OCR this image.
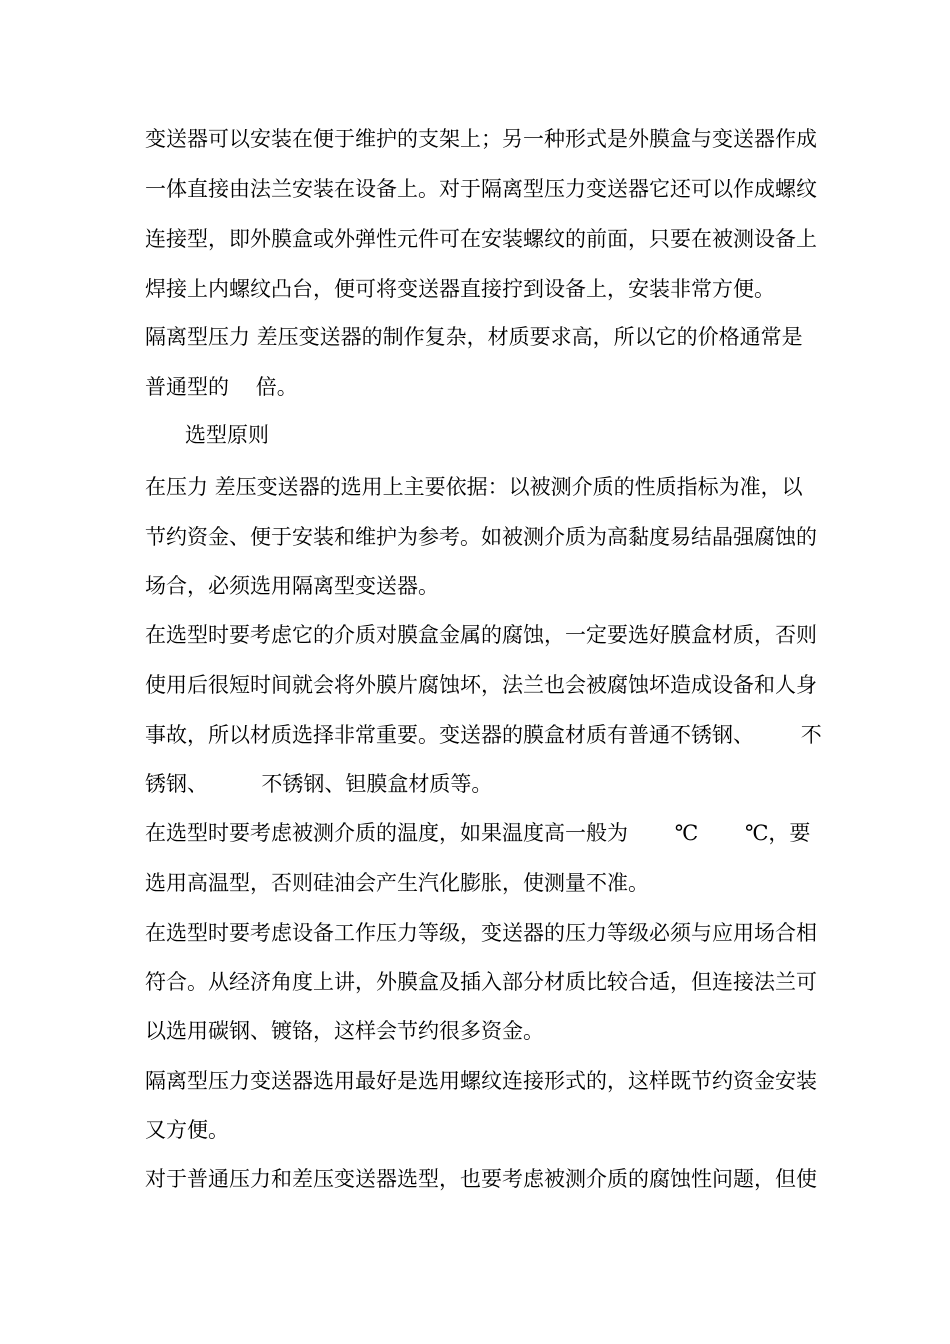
变送器可以安装在便于维护的支架上；另一种形式是外膜盒与变送器作成

一体直接由法兰安装在设备上。对于隔离型压力变送器它还可以作成螺纹

连接型，即外膜盒或外弹性元件可在安装螺纹的前面，只要在被测设备上

焊接上内螺纹凸台，便可将变送器直接拧到设备上，安装非常方便。

隔离型压力 差压变送器的制作复杂，材质要求高，所以它的价格通常是

普通型的    倍。

选型原则

在压力 差压变送器的选用上主要依据：以被测介质的性质指标为准，以

节约资金、便于安装和维护为参考。如被测介质为高黏度易结晶强腐蚀的

场合，必须选用隔离型变送器。

在选型时要考虑它的介质对膜盒金属的腐蚀，一定要选好膜盒材质，否则

使用后很短时间就会将外膜片腐蚀坏，法兰也会被腐蚀坏造成设备和人身

事故，所以材质选择非常重要。变送器的膜盒材质有普通不锈钢、       不

锈钢、        不锈钢、钽膜盒材质等。

在选型时要考虑被测介质的温度，如果温度高一般为       ℃       ℃，要

选用高温型，否则硅油会产生汽化膨胀，使测量不准。

在选型时要考虑设备工作压力等级，变送器的压力等级必须与应用场合相

符合。从经济角度上讲，外膜盒及插入部分材质比较合适，但连接法兰可

以选用碳钢、镀铬，这样会节约很多资金。

隔离型压力变送器选用最好是选用螺纹连接形式的，这样既节约资金安装

又方便。

对于普通压力和差压变送器选型，也要考虑被测介质的腐蚀性问题，但使
